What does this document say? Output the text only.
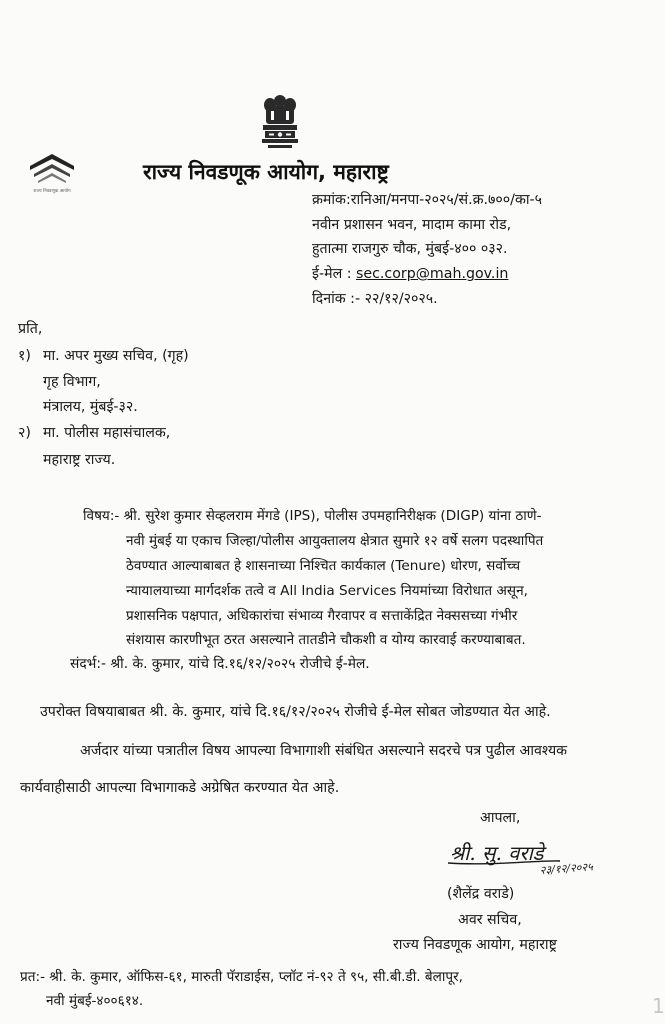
राज्य निवडणूक आयोग
राज्य निवडणूक आयोग, महाराष्ट्र
क्रमांक:रानिआ/मनपा-२०२५/सं.क्र.७००/का-५
नवीन प्रशासन भवन, मादाम कामा रोड,
हुतात्मा राजगुरु चौक, मुंबई-४०० ०३२.
ई-मेल : sec.corp@mah.gov.in
दिनांक :- २२/१२/२०२५.
प्रति,
१) मा. अपर मुख्य सचिव, (गृह)
गृह विभाग,
मंत्रालय, मुंबई-३२.
२) मा. पोलीस महासंचालक,
महाराष्ट्र राज्य.
विषय:- श्री. सुरेश कुमार सेव्हलराम मेंगडे (IPS), पोलीस उपमहानिरीक्षक (DIGP) यांना ठाणे-
नवी मुंबई या एकाच जिल्हा/पोलीस आयुक्तालय क्षेत्रात सुमारे १२ वर्षे सलग पदस्थापित
ठेवण्यात आल्याबाबत हे शासनाच्या निश्चित कार्यकाल (Tenure) धोरण, सर्वोच्च
न्यायालयाच्या मार्गदर्शक तत्वे व All India Services नियमांच्या विरोधात असून,
प्रशासनिक पक्षपात, अधिकारांचा संभाव्य गैरवापर व सत्ताकेंद्रित नेक्ससच्या गंभीर
संशयास कारणीभूत ठरत असल्याने तातडीने चौकशी व योग्य कारवाई करण्याबाबत.
संदर्भ:- श्री. के. कुमार, यांचे दि.१६/१२/२०२५ रोजीचे ई-मेल.
उपरोक्त विषयाबाबत श्री. के. कुमार, यांचे दि.१६/१२/२०२५ रोजीचे ई-मेल सोबत जोडण्यात येत आहे.
अर्जदार यांच्या पत्रातील विषय आपल्या विभागाशी संबंधित असल्याने सदरचे पत्र पुढील आवश्यक
कार्यवाहीसाठी आपल्या विभागाकडे अग्रेषित करण्यात येत आहे.
आपला,
श्री. सु. वराडे
२३/१२/२०२५
(शैलेंद्र वराडे)
अवर सचिव,
राज्य निवडणूक आयोग, महाराष्ट्र
प्रत:- श्री. के. कुमार, ऑफिस-६१, मारुती पॅराडाईस, प्लॉट नं-९२ ते ९५, सी.बी.डी. बेलापूर,
नवी मुंबई-४००६१४.	1
